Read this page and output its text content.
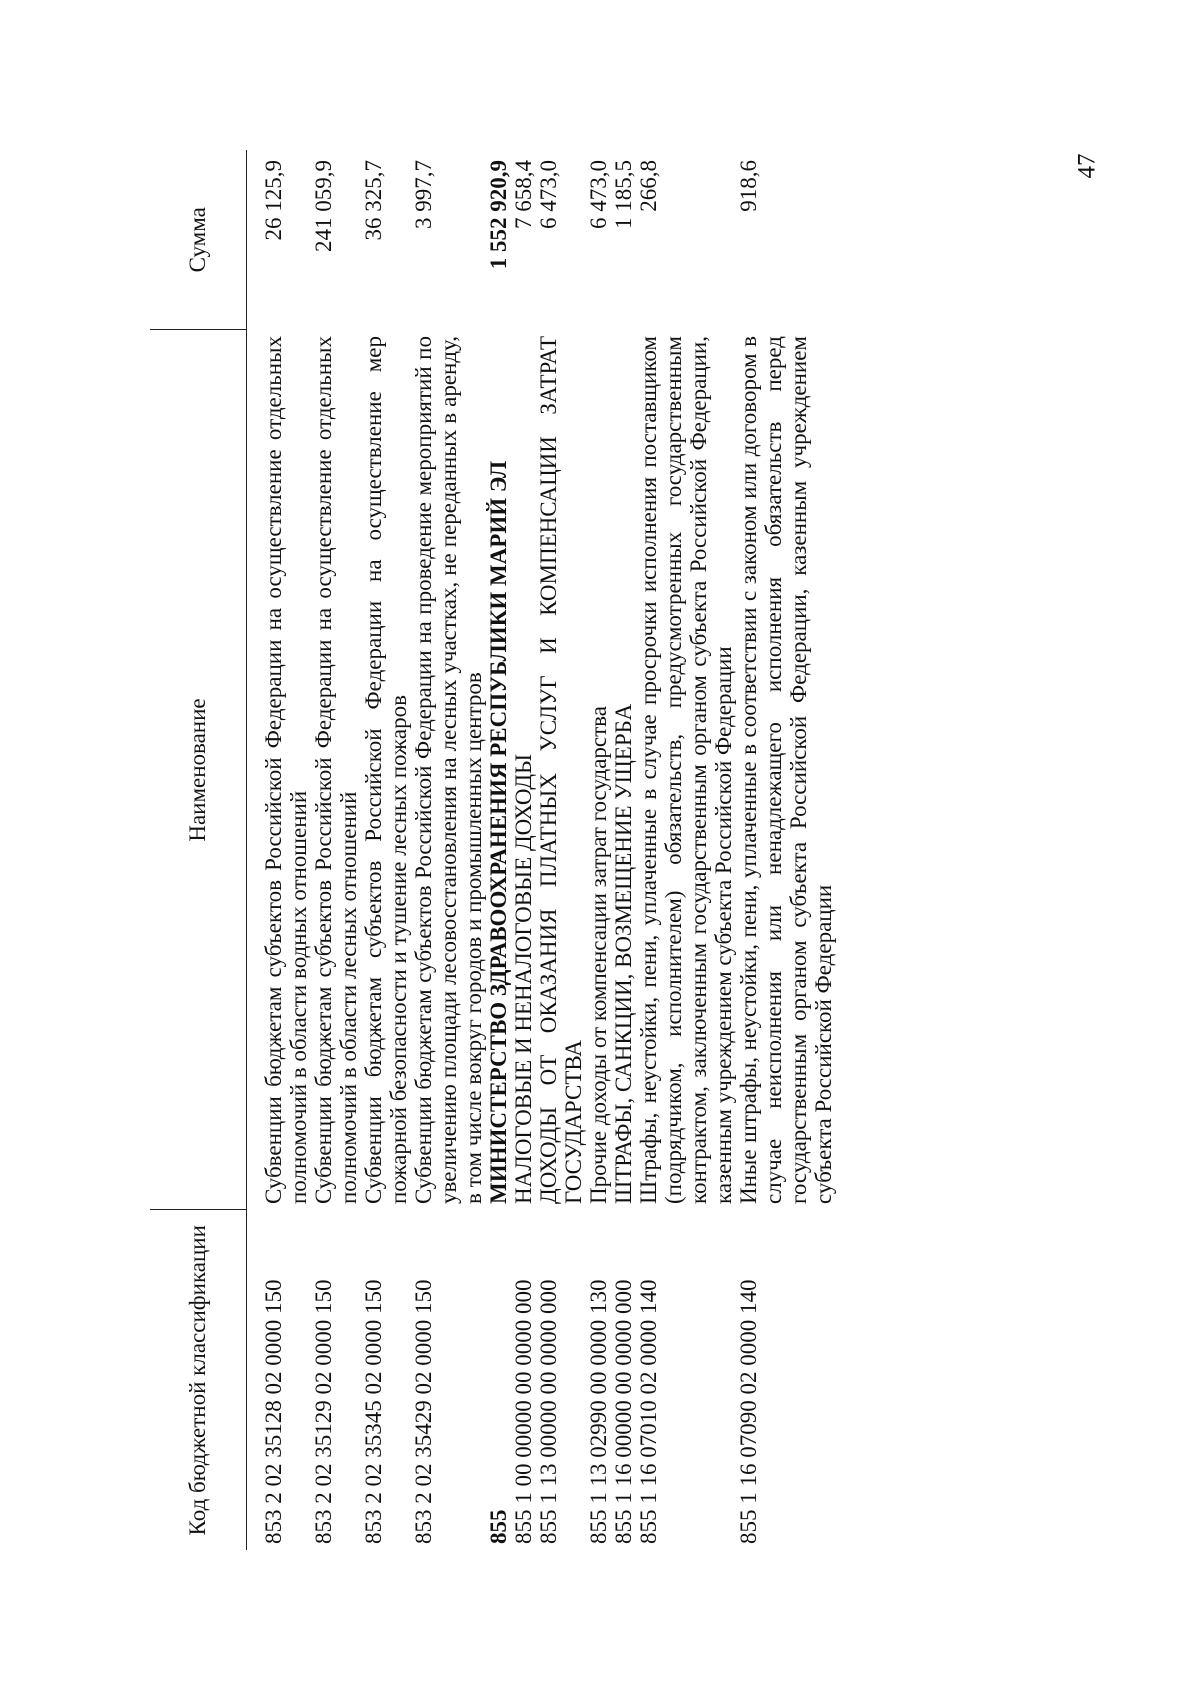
47
Код бюджетной классификации	Наименование	Сумма
853 2 02 35128 02 0000 150	Субвенции бюджетам субъектов Российской Федерации на осуществление отдельных полномочий в области водных отношений	26 125,9
853 2 02 35129 02 0000 150	Субвенции бюджетам субъектов Российской Федерации на осуществление отдельных полномочий в области лесных отношений	241 059,9
853 2 02 35345 02 0000 150	Субвенции бюджетам субъектов Российской Федерации на осуществление мер пожарной безопасности и тушение лесных пожаров	36 325,7
853 2 02 35429 02 0000 150	Субвенции бюджетам субъектов Российской Федерации на проведение мероприятий по увеличению площади лесовосстановления на лесных участках, не переданных в аренду, в том числе вокруг городов и промышленных центров	3 997,7
855	МИНИСТЕРСТВО ЗДРАВООХРАНЕНИЯ РЕСПУБЛИКИ МАРИЙ ЭЛ	1 552 920,9
855 1 00 00000 00 0000 000	НАЛОГОВЫЕ И НЕНАЛОГОВЫЕ ДОХОДЫ	7 658,4
855 1 13 00000 00 0000 000	ДОХОДЫ ОТ ОКАЗАНИЯ ПЛАТНЫХ УСЛУГ И КОМПЕНСАЦИИ ЗАТРАТ ГОСУДАРСТВА	6 473,0
855 1 13 02990 00 0000 130	Прочие доходы от компенсации затрат государства	6 473,0
855 1 16 00000 00 0000 000	ШТРАФЫ, САНКЦИИ, ВОЗМЕЩЕНИЕ УЩЕРБА	1 185,5
855 1 16 07010 02 0000 140	Штрафы, неустойки, пени, уплаченные в случае просрочки исполнения поставщиком (подрядчиком, исполнителем) обязательств, предусмотренных государственным контрактом, заключенным государственным органом субъекта Российской Федерации, казенным учреждением субъекта Российской Федерации	266,8
855 1 16 07090 02 0000 140	Иные штрафы, неустойки, пени, уплаченные в соответствии с законом или договором в случае неисполнения или ненадлежащего исполнения обязательств перед государственным органом субъекта Российской Федерации, казенным учреждением субъекта Российской Федерации	918,6
